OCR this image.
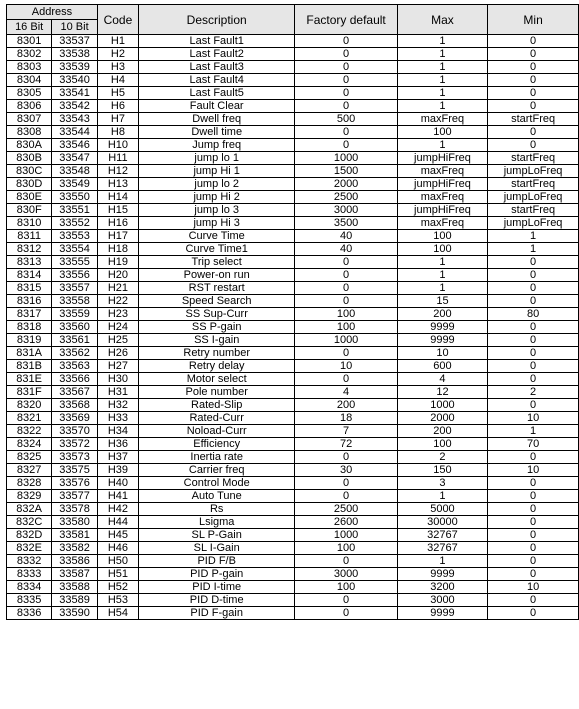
Address		Code	Description	Factory default	Max	Min
16 Bit	10 Bit					
8301	33537	H1	Last Fault1	0	1	0
8302	33538	H2	Last Fault2	0	1	0
8303	33539	H3	Last Fault3	0	1	0
8304	33540	H4	Last Fault4	0	1	0
8305	33541	H5	Last Fault5	0	1	0
8306	33542	H6	Fault Clear	0	1	0
8307	33543	H7	Dwell freq	500	maxFreq	startFreq
8308	33544	H8	Dwell time	0	100	0
830A	33546	H10	Jump freq	0	1	0
830B	33547	H11	jump lo 1	1000	jumpHiFreq	startFreq
830C	33548	H12	jump Hi 1	1500	maxFreq	jumpLoFreq
830D	33549	H13	jump lo 2	2000	jumpHiFreq	startFreq
830E	33550	H14	jump Hi 2	2500	maxFreq	jumpLoFreq
830F	33551	H15	jump lo 3	3000	jumpHiFreq	startFreq
8310	33552	H16	jump Hi 3	3500	maxFreq	jumpLoFreq
8311	33553	H17	Curve Time	40	100	1
8312	33554	H18	Curve Time1	40	100	1
8313	33555	H19	Trip select	0	1	0
8314	33556	H20	Power-on run	0	1	0
8315	33557	H21	RST restart	0	1	0
8316	33558	H22	Speed Search	0	15	0
8317	33559	H23	SS Sup-Curr	100	200	80
8318	33560	H24	SS P-gain	100	9999	0
8319	33561	H25	SS I-gain	1000	9999	0
831A	33562	H26	Retry number	0	10	0
831B	33563	H27	Retry delay	10	600	0
831E	33566	H30	Motor select	0	4	0
831F	33567	H31	Pole number	4	12	2
8320	33568	H32	Rated-Slip	200	1000	0
8321	33569	H33	Rated-Curr	18	2000	10
8322	33570	H34	Noload-Curr	7	200	1
8324	33572	H36	Efficiency	72	100	70
8325	33573	H37	Inertia rate	0	2	0
8327	33575	H39	Carrier freq	30	150	10
8328	33576	H40	Control Mode	0	3	0
8329	33577	H41	Auto Tune	0	1	0
832A	33578	H42	Rs	2500	5000	0
832C	33580	H44	Lsigma	2600	30000	0
832D	33581	H45	SL P-Gain	1000	32767	0
832E	33582	H46	SL I-Gain	100	32767	0
8332	33586	H50	PID F/B	0	1	0
8333	33587	H51	PID P-gain	3000	9999	0
8334	33588	H52	PID I-time	100	3200	10
8335	33589	H53	PID D-time	0	3000	0
8336	33590	H54	PID F-gain	0	9999	0
